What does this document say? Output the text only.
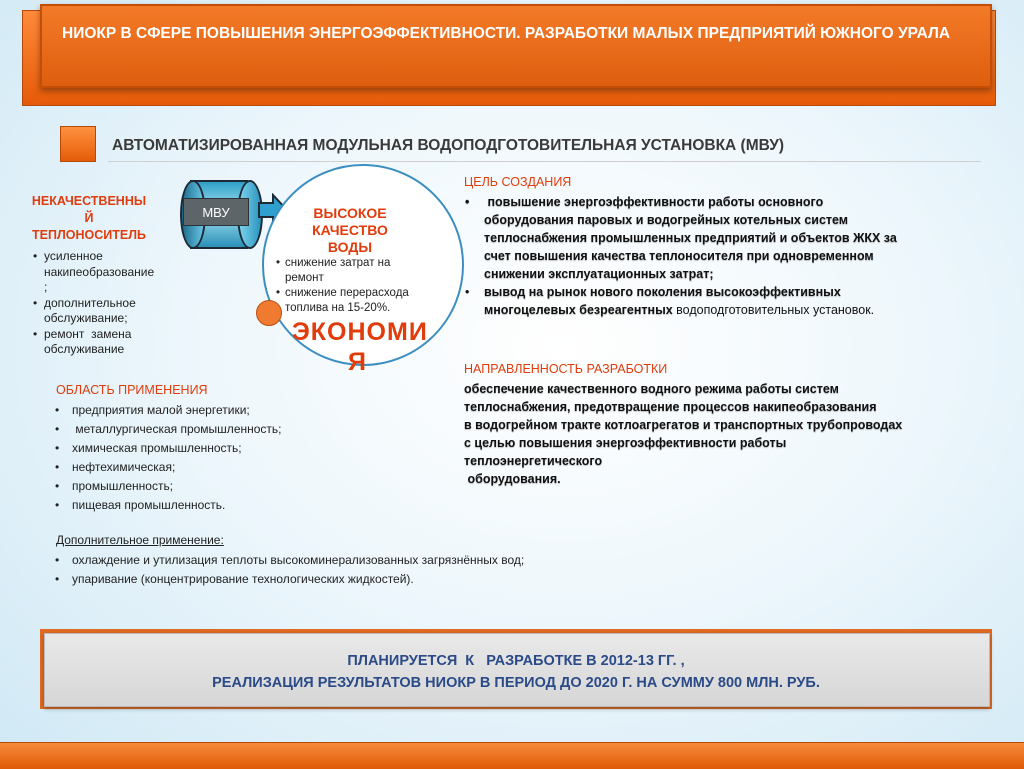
НИОКР В СФЕРЕ ПОВЫШЕНИЯ ЭНЕРГОЭФФЕКТИВНОСТИ. РАЗРАБОТКИ МАЛЫХ ПРЕДПРИЯТИЙ ЮЖНОГО УРАЛА
АВТОМАТИЗИРОВАННАЯ МОДУЛЬНАЯ ВОДОПОДГОТОВИТЕЛЬНАЯ УСТАНОВКА (МВУ)
НЕКАЧЕСТВЕННЫ
Й
ТЕПЛОНОСИТЕЛЬ
• усиленное
накипеобразование
;
• дополнительное
обслуживание;
• ремонт  замена
обслуживание
МВУ	ВЫСОКОЕ
КАЧЕСТВО
ВОДЫ
• снижение затрат на
ремонт
• снижение перерасхода
топлива на 15-20%.
ЭКОНОМИ
Я
ЦЕЛЬ СОЗДАНИЯ
•  повышение энергоэффективности работы основного
оборудования паровых и водогрейных котельных систем
теплоснабжения промышленных предприятий и объектов ЖКХ за
счет повышения качества теплоносителя при одновременном
снижении эксплуатационных затрат;
• вывод на рынок нового поколения высокоэффективных
многоцелевых безреагентных водоподготовительных установок.
НАПРАВЛЕННОСТЬ РАЗРАБОТКИ
обеспечение качественного водного режима работы систем
теплоснабжения, предотвращение процессов накипеобразования
в водогрейном тракте котлоагрегатов и транспортных трубопроводах
с целью повышения энергоэффективности работы
теплоэнергетического
оборудования.
ОБЛАСТЬ ПРИМЕНЕНИЯ
• предприятия малой энергетики;
•  металлургическая промышленность;
• химическая промышленность;
• нефтехимическая;
• промышленность;
• пищевая промышленность.
Дополнительное применение:
• охлаждение и утилизация теплоты высокоминерализованных загрязнённых вод;
• упаривание (концентрирование технологических жидкостей).
ПЛАНИРУЕТСЯ  К   РАЗРАБОТКЕ В 2012-13 ГГ. ,
РЕАЛИЗАЦИЯ РЕЗУЛЬТАТОВ НИОКР В ПЕРИОД ДО 2020 Г. НА СУММУ 800 МЛН. РУБ.
